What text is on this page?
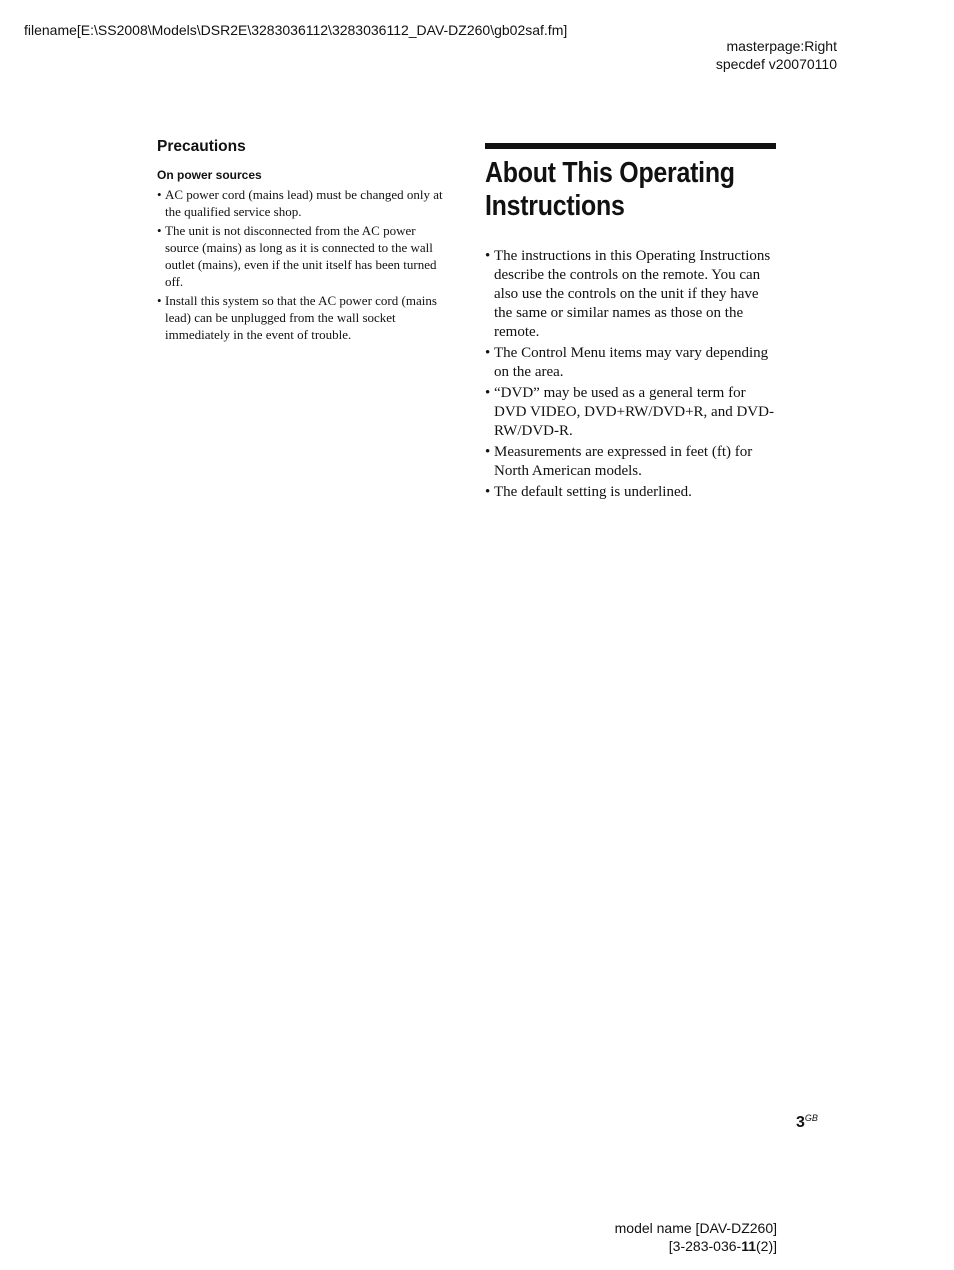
filename[E:\SS2008\Models\DSR2E\3283036112\3283036112_DAV-DZ260\gb02saf.fm]
masterpage:Right
specdef v20070110
Precautions
On power sources
• AC power cord (mains lead) must be changed only at the qualified service shop.
• The unit is not disconnected from the AC power source (mains) as long as it is connected to the wall outlet (mains), even if the unit itself has been turned off.
• Install this system so that the AC power cord (mains lead) can be unplugged from the wall socket immediately in the event of trouble.
About This Operating Instructions
• The instructions in this Operating Instructions describe the controls on the remote. You can also use the controls on the unit if they have the same or similar names as those on the remote.
• The Control Menu items may vary depending on the area.
• “DVD” may be used as a general term for DVD VIDEO, DVD+RW/DVD+R, and DVD-RW/DVD-R.
• Measurements are expressed in feet (ft) for North American models.
• The default setting is underlined.
$3^{GB}$
model name [DAV-DZ260]
[3-283-036-11(2)]
